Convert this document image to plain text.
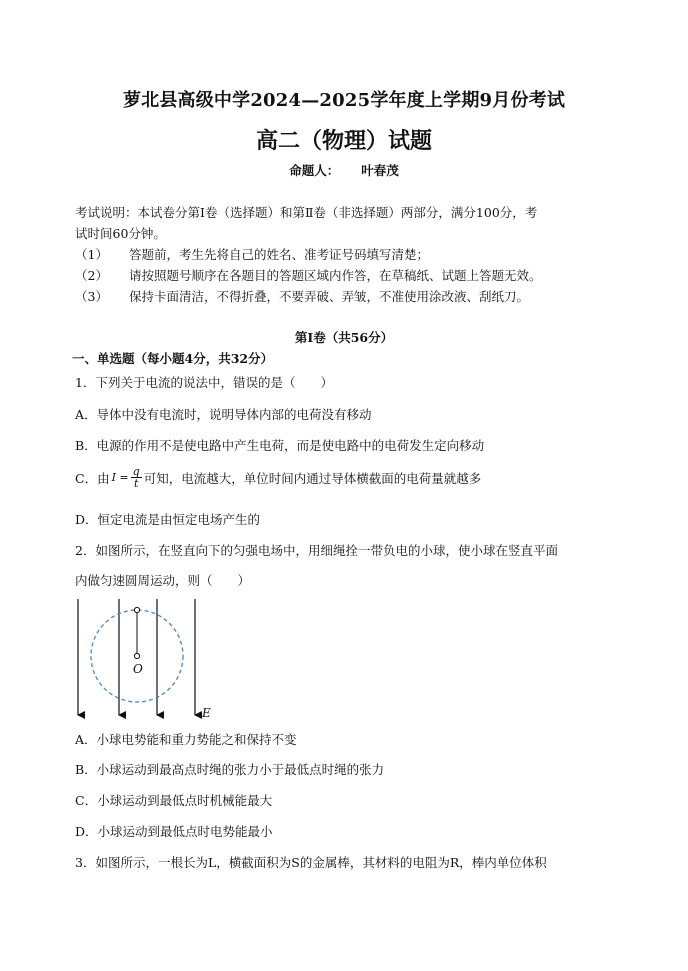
萝北县高级中学2024—2025学年度上学期9月份考试
高二（物理）试题
命题人： 叶春茂
考试说明：本试卷分第Ⅰ卷（选择题）和第Ⅱ卷（非选择题）两部分，满分100分，考
试时间60分钟。
（1）	答题前，考生先将自己的姓名、准考证号码填写清楚；
（2）	请按照题号顺序在各题目的答题区域内作答，在草稿纸、试题上答题无效。
（3）	保持卡面清洁，不得折叠，不要弄破、弄皱，不准使用涂改液、刮纸刀。
第Ⅰ卷（共56分）
一、单选题（每小题4分，共32分）
1．下列关于电流的说法中，错误的是（　　）
A．导体中没有电流时，说明导体内部的电荷没有移动
B．电源的作用不是使电路中产生电荷，而是使电路中的电荷发生定向移动
C．由 $I = \frac{q}{t}$ 可知，电流越大，单位时间内通过导体横截面的电荷量就越多
D．恒定电流是由恒定电场产生的
2．如图所示，在竖直向下的匀强电场中，用细绳拴一带负电的小球，使小球在竖直平面
内做匀速圆周运动，则（　　）
O
E
A．小球电势能和重力势能之和保持不变
B．小球运动到最高点时绳的张力小于最低点时绳的张力
C．小球运动到最低点时机械能最大
D．小球运动到最低点时电势能最小
3．如图所示，一根长为L，横截面积为S的金属棒，其材料的电阻为R，棒内单位体积
